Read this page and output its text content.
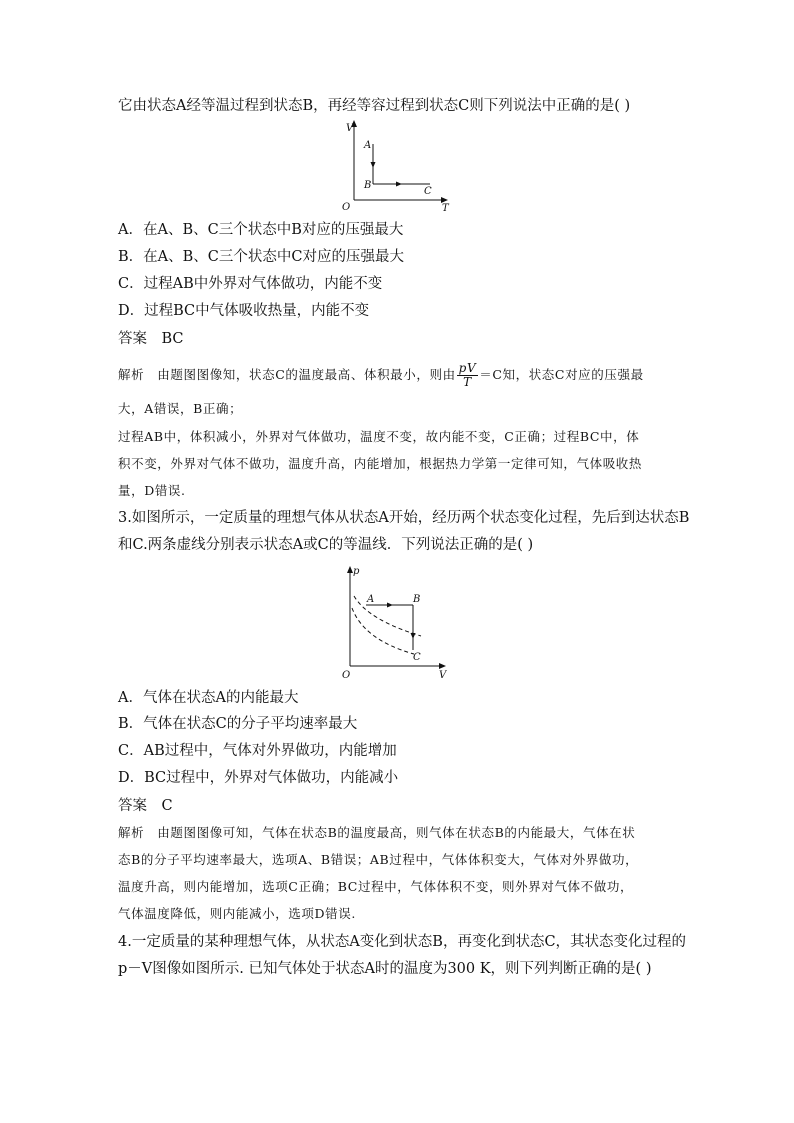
它由状态A经等温过程到状态B，再经等容过程到状态C则下列说法中正确的是( )
V
T
O
A
B
C
A．在A、B、C三个状态中B对应的压强最大
B．在A、B、C三个状态中C对应的压强最大
C．过程AB中外界对气体做功，内能不变
D．过程BC中气体吸收热量，内能不变
答案　BC
解析　由题图图像知，状态C的温度最高、体积最小，则由 $\frac{pV}{T} =C$知，状态C对应的压强最
大，A错误，B正确；
过程AB中，体积减小，外界对气体做功，温度不变，故内能不变，C正确；过程BC中，体
积不变，外界对气体不做功，温度升高，内能增加，根据热力学第一定律可知，气体吸收热
量，D错误.
3.如图所示，一定质量的理想气体从状态A开始，经历两个状态变化过程，先后到达状态B
和C.两条虚线分别表示状态A或C的等温线．下列说法正确的是( )
p
V
O
A	B
C
A．气体在状态A的内能最大
B．气体在状态C的分子平均速率最大
C．AB过程中，气体对外界做功，内能增加
D．BC过程中，外界对气体做功，内能减小
答案　C
解析　由题图图像可知，气体在状态B的温度最高，则气体在状态B的内能最大，气体在状
态B的分子平均速率最大，选项A、B错误；AB过程中，气体体积变大，气体对外界做功，
温度升高，则内能增加，选项C正确；BC过程中，气体体积不变，则外界对气体不做功，
气体温度降低，则内能减小，选项D错误.
4.一定质量的某种理想气体，从状态A变化到状态B，再变化到状态C，其状态变化过程的
p－V图像如图所示. 已知气体处于状态A时的温度为300 K，则下列判断正确的是( )
